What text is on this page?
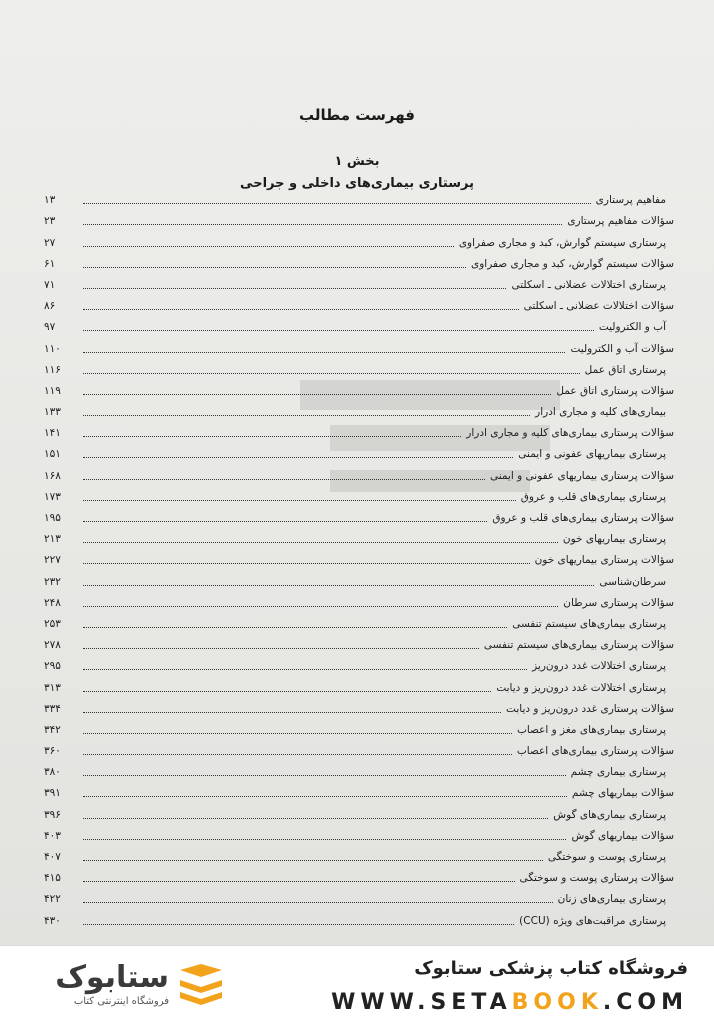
فهرست مطالب
بخش ۱
پرستاری بیماری‌های داخلی و جراحی
مفاهیم پرستاری
۱۳
سؤالات مفاهیم پرستاری
۲۳
پرستاری سیستم گوارش، کبد و مجاری صفراوی
۲۷
سؤالات سیستم گوارش، کبد و مجاری صفراوی
۶۱
پرستاری اختلالات عضلانی ـ اسکلتی
۷۱
سؤالات اختلالات عضلانی ـ اسکلتی
۸۶
آب و الکترولیت
۹۷
سؤالات آب و الکترولیت
۱۱۰
پرستاری اتاق عمل
۱۱۶
سؤالات پرستاری اتاق عمل
۱۱۹
بیماری‌های کلیه و مجاری ادرار
۱۳۳
سؤالات پرستاری بیماری‌های کلیه و مجاری ادرار
۱۴۱
پرستاری بیماریهای عفونی و ایمنی
۱۵۱
سؤالات پرستاری بیماریهای عفونی و ایمنی
۱۶۸
پرستاری بیماری‌های قلب و عروق
۱۷۳
سؤالات پرستاری بیماری‌های قلب و عروق
۱۹۵
پرستاری بیماریهای خون
۲۱۳
سؤالات پرستاری بیماریهای خون
۲۲۷
سرطان‌شناسی
۲۳۲
سؤالات پرستاری سرطان
۲۴۸
پرستاری بیماری‌های سیستم تنفسی
۲۵۳
سؤالات پرستاری بیماری‌های سیستم تنفسی
۲۷۸
پرستاری اختلالات غدد درون‌ریز
۲۹۵
پرستاری اختلالات غدد درون‌ریز و دیابت
۳۱۳
سؤالات پرستاری غدد درون‌ریز و دیابت
۳۳۴
پرستاری بیماری‌های مغز و اعصاب
۳۴۲
سؤالات پرستاری بیماری‌های اعصاب
۳۶۰
پرستاری بیماری چشم
۳۸۰
سؤالات بیماریهای چشم
۳۹۱
پرستاری بیماری‌های گوش
۳۹۶
سؤالات بیماریهای گوش
۴۰۳
پرستاری پوست و سوختگی
۴۰۷
سؤالات پرستاری پوست و سوختگی
۴۱۵
پرستاری بیماری‌های زنان
۴۲۲
پرستاری مراقبت‌های ویژه (CCU)
۴۳۰
ستابوک
فروشگاه اینترنتی کتاب
فروشگاه کتاب پزشکی ستابوک
WWW.SETABOOK.COM
